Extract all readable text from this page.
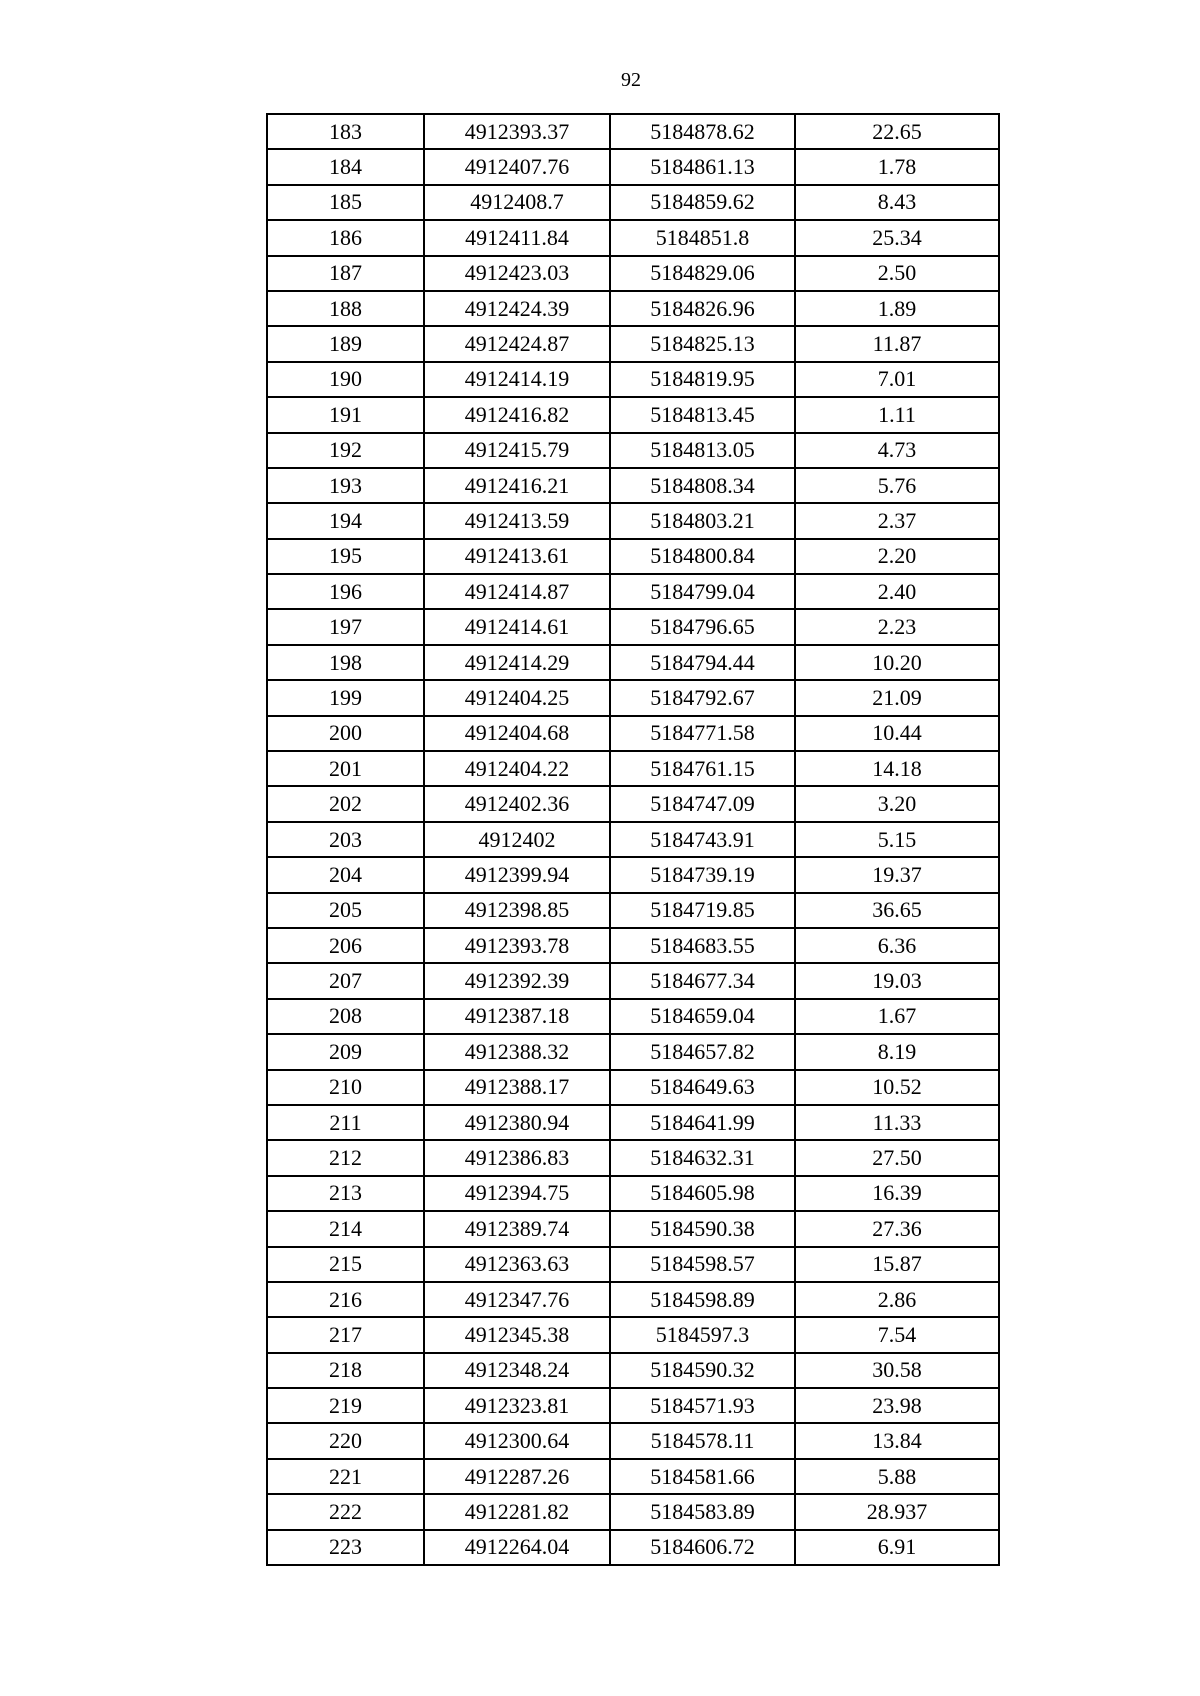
92
183	4912393.37	5184878.62	22.65
184	4912407.76	5184861.13	1.78
185	4912408.7	5184859.62	8.43
186	4912411.84	5184851.8	25.34
187	4912423.03	5184829.06	2.50
188	4912424.39	5184826.96	1.89
189	4912424.87	5184825.13	11.87
190	4912414.19	5184819.95	7.01
191	4912416.82	5184813.45	1.11
192	4912415.79	5184813.05	4.73
193	4912416.21	5184808.34	5.76
194	4912413.59	5184803.21	2.37
195	4912413.61	5184800.84	2.20
196	4912414.87	5184799.04	2.40
197	4912414.61	5184796.65	2.23
198	4912414.29	5184794.44	10.20
199	4912404.25	5184792.67	21.09
200	4912404.68	5184771.58	10.44
201	4912404.22	5184761.15	14.18
202	4912402.36	5184747.09	3.20
203	4912402	5184743.91	5.15
204	4912399.94	5184739.19	19.37
205	4912398.85	5184719.85	36.65
206	4912393.78	5184683.55	6.36
207	4912392.39	5184677.34	19.03
208	4912387.18	5184659.04	1.67
209	4912388.32	5184657.82	8.19
210	4912388.17	5184649.63	10.52
211	4912380.94	5184641.99	11.33
212	4912386.83	5184632.31	27.50
213	4912394.75	5184605.98	16.39
214	4912389.74	5184590.38	27.36
215	4912363.63	5184598.57	15.87
216	4912347.76	5184598.89	2.86
217	4912345.38	5184597.3	7.54
218	4912348.24	5184590.32	30.58
219	4912323.81	5184571.93	23.98
220	4912300.64	5184578.11	13.84
221	4912287.26	5184581.66	5.88
222	4912281.82	5184583.89	28.937
223	4912264.04	5184606.72	6.91
